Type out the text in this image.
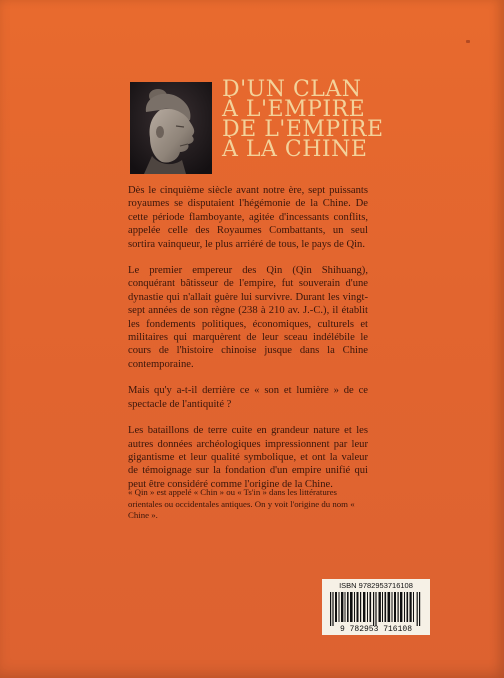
D'UN CLAN
À L'EMPIRE
DE L'EMPIRE
À LA CHINE

Dès le cinquième siècle avant notre ère, sept puissants royaumes se disputaient l'hégémonie de la Chine. De cette période flamboyante, agitée d'incessants conflits, appelée celle des Royaumes Combattants, un seul sortira vainqueur, le plus arriéré de tous, le pays de Qin.

Le premier empereur des Qin (Qin Shihuang), conquérant bâtisseur de l'empire, fut souverain d'une dynastie qui n'allait guère lui survivre. Durant les vingt-sept années de son règne (238 à 210 av. J.-C.), il établit les fondements politiques, économiques, culturels et militaires qui marquèrent de leur sceau indélébile le cours de l'histoire chinoise jusque dans la Chine contemporaine.

Mais qu'y a-t-il derrière ce « son et lumière » de ce spectacle de l'antiquité ?

Les bataillons de terre cuite en grandeur nature et les autres données archéologiques impressionnent par leur gigantisme et leur qualité symbolique, et ont la valeur de témoignage sur la fondation d'un empire unifié qui peut être considéré comme l'origine de la Chine.

« Qin » est appelé « Chin » ou « Ts'in » dans les littératures orientales ou occidentales antiques. On y voit l'origine du nom « Chine ».
ISBN 9782953716108
9 782953 716108
